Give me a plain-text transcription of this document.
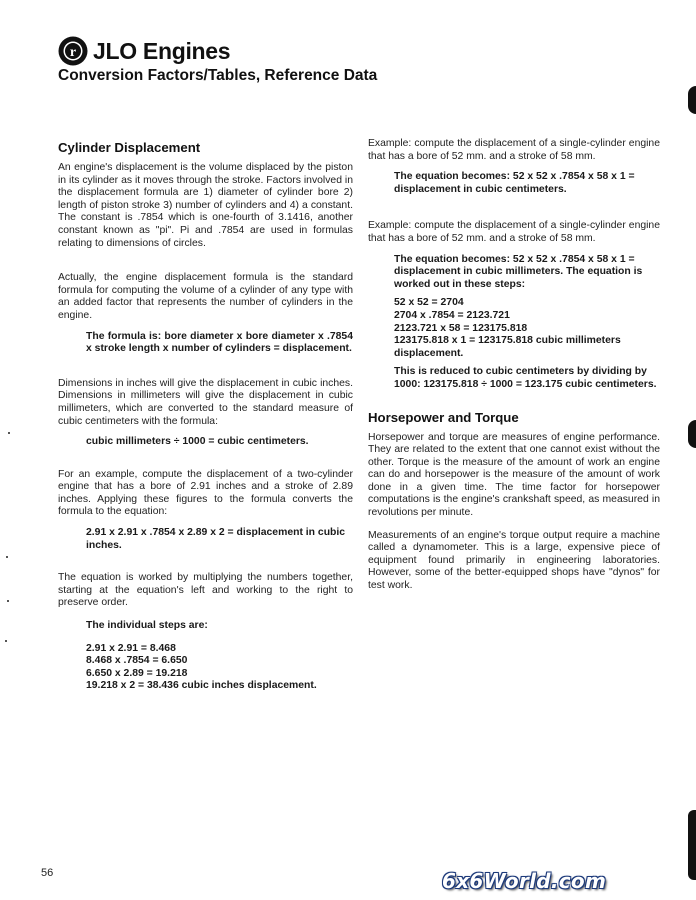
r JLO Engines
Conversion Factors/Tables, Reference Data
Cylinder Displacement

An engine's displacement is the volume displaced by the piston in its cylinder as it moves through the stroke. Factors involved in the displacement formula are 1) diameter of cylinder bore 2) length of piston stroke 3) number of cylinders and 4) a constant. The constant is .7854 which is one-fourth of 3.1416, another constant known as "pi". Pi and .7854 are used in formulas relating to dimensions of circles.

Actually, the engine displacement formula is the standard formula for computing the volume of a cylinder of any type with an added factor that represents the number of cylinders in the engine.

The formula is: bore diameter x bore diameter x .7854 x stroke length x number of cylinders = displacement.

Dimensions in inches will give the displacement in cubic inches. Dimensions in millimeters will give the displacement in cubic millimeters, which are converted to the standard measure of cubic centimeters with the formula:

cubic millimeters ÷ 1000 = cubic centimeters.

For an example, compute the displacement of a two-cylinder engine that has a bore of 2.91 inches and a stroke of 2.89 inches. Applying these figures to the formula converts the formula to the equation:

2.91 x 2.91 x .7854 x 2.89 x 2 = displacement in cubic inches.

The equation is worked by multiplying the numbers together, starting at the equation's left and working to the right to preserve order.

The individual steps are:

2.91 x 2.91 = 8.468
8.468 x .7854 = 6.650
6.650 x 2.89 = 19.218
19.218 x 2 = 38.436 cubic inches displacement.

Example: compute the displacement of a single-cylinder engine that has a bore of 52 mm. and a stroke of 58 mm.

The equation becomes: 52 x 52 x .7854 x 58 x 1 = displacement in cubic centimeters.

Example: compute the displacement of a single-cylinder engine that has a bore of 52 mm. and a stroke of 58 mm.

The equation becomes: 52 x 52 x .7854 x 58 x 1 = displacement in cubic millimeters. The equation is worked out in these steps:

52 x 52 = 2704
2704 x .7854 = 2123.721
2123.721 x 58 = 123175.818
123175.818 x 1 = 123175.818 cubic millimeters displacement.

This is reduced to cubic centimeters by dividing by 1000: 123175.818 ÷ 1000 = 123.175 cubic centimeters.

Horsepower and Torque

Horsepower and torque are measures of engine performance. They are related to the extent that one cannot exist without the other. Torque is the measure of the amount of work an engine can do and horsepower is the measure of the amount of work done in a given time. The time factor for horsepower computations is the engine's crankshaft speed, as measured in revolutions per minute.

Measurements of an engine's torque output require a machine called a dynamometer. This is a large, expensive piece of equipment found primarily in engineering laboratories. However, some of the better-equipped shops have "dynos" for test work.

56	6x6World.com
